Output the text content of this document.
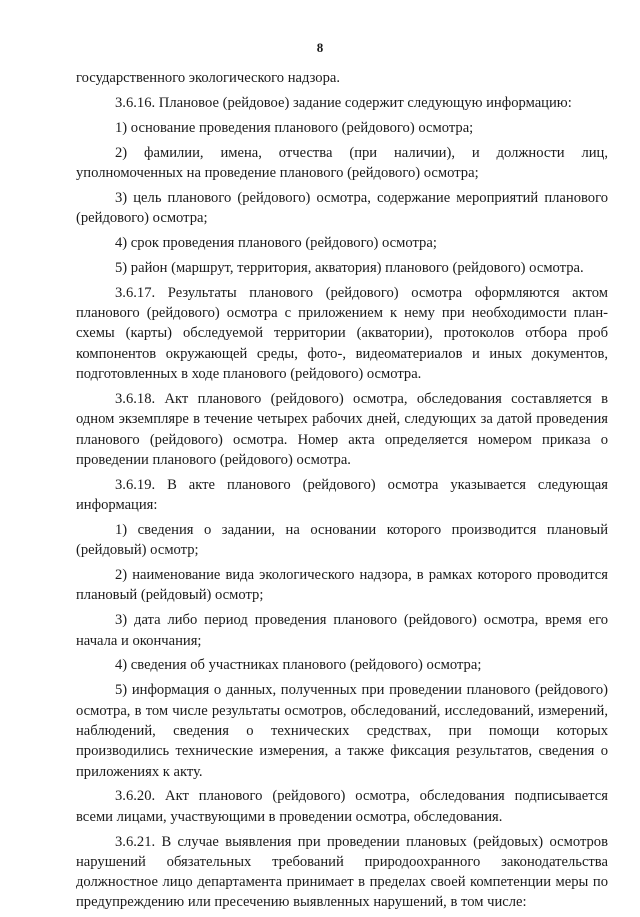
8

государственного экологического надзора.

3.6.16. Плановое (рейдовое) задание содержит следующую информацию:

1) основание проведения планового (рейдового) осмотра;

2) фамилии, имена, отчества (при наличии), и должности лиц, уполномоченных на проведение планового (рейдового) осмотра;

3) цель планового (рейдового) осмотра, содержание мероприятий планового (рейдового) осмотра;

4) срок проведения планового (рейдового) осмотра;

5) район (маршрут, территория, акватория) планового (рейдового) осмотра.

3.6.17. Результаты планового (рейдового) осмотра оформляются актом планового (рейдового) осмотра с приложением к нему при необходимости план-схемы (карты) обследуемой территории (акватории), протоколов отбора проб компонентов окружающей среды, фото-, видеоматериалов и иных документов, подготовленных в ходе планового (рейдового) осмотра.

3.6.18. Акт планового (рейдового) осмотра, обследования составляется в одном экземпляре в течение четырех рабочих дней, следующих за датой проведения планового (рейдового) осмотра. Номер акта определяется номером приказа о проведении планового (рейдового) осмотра.

3.6.19. В акте планового (рейдового) осмотра указывается следующая информация:

1) сведения о задании, на основании которого производится плановый (рейдовый) осмотр;

2) наименование вида экологического надзора, в рамках которого проводится плановый (рейдовый) осмотр;

3) дата либо период проведения планового (рейдового) осмотра, время его начала и окончания;

4) сведения об участниках планового (рейдового) осмотра;

5) информация о данных, полученных при проведении планового (рейдового) осмотра, в том числе результаты осмотров, обследований, исследований, измерений, наблюдений, сведения о технических средствах, при помощи которых производились технические измерения, а также фиксация результатов, сведения о приложениях к акту.

3.6.20. Акт планового (рейдового) осмотра, обследования подписывается всеми лицами, участвующими в проведении осмотра, обследования.

3.6.21. В случае выявления при проведении плановых (рейдовых) осмотров нарушений обязательных требований природоохранного законодательства должностное лицо департамента принимает в пределах своей компетенции меры по предупреждению или пресечению выявленных нарушений, в том числе:
